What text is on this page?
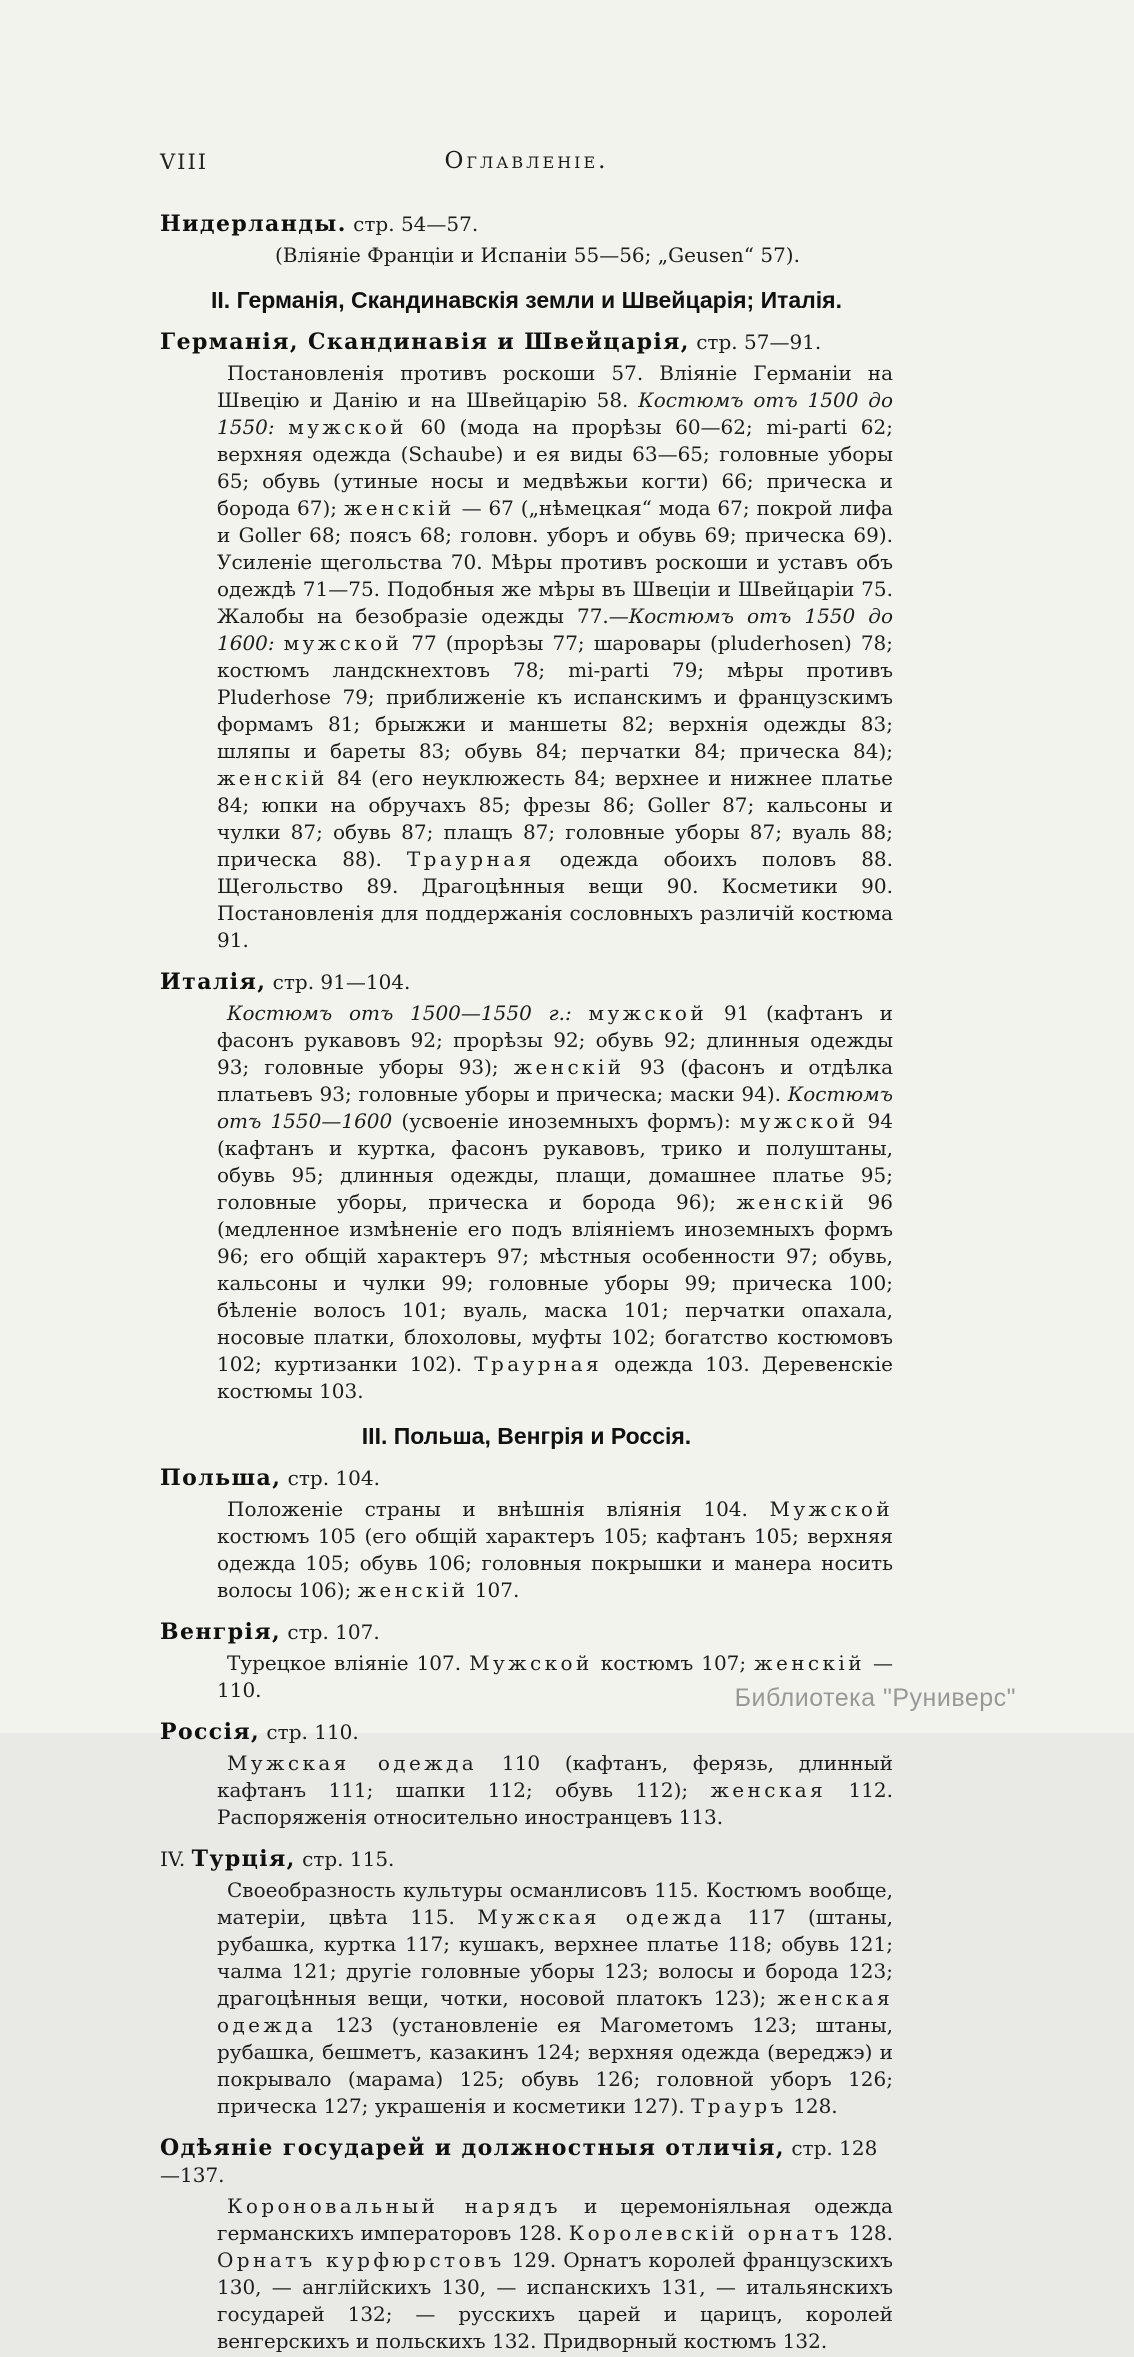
VIII	Оглавленіе.
Нидерланды. стр. 54—57.
(Вліяніе Франціи и Испаніи 55—56; „Geusen“ 57).
II. Германія, Скандинавскія земли и Швейцарія; Италія.
Германія, Скандинавія и Швейцарія, стр. 57—91.
Постановленія противъ роскоши 57. Вліяніе Германіи на Швецію и Данію и на Швейцарію 58. Костюмъ отъ 1500 до 1550: мужской 60 (мода на прорѣзы 60—62; mi-parti 62; верхняя одежда (Schaube) и ея виды 63—65; головные уборы 65; обувь (утиные носы и медвѣжьи когти) 66; прическа и борода 67); женскій — 67 („нѣмецкая“ мода 67; покрой лифа и Goller 68; поясъ 68; головн. уборъ и обувь 69; прическа 69). Усиленіе щегольства 70. Мѣры противъ роскоши и уставъ объ одеждѣ 71—75. Подобныя же мѣры въ Швеціи и Швейцаріи 75. Жалобы на безобразіе одежды 77.—Костюмъ отъ 1550 до 1600: мужской 77 (прорѣзы 77; шаровары (pluderhosen) 78; костюмъ ландскнехтовъ 78; mi-parti 79; мѣры противъ Pluderhose 79; приближеніе къ испанскимъ и французскимъ формамъ 81; брыжжи и маншеты 82; верхнія одежды 83; шляпы и бареты 83; обувь 84; перчатки 84; прическа 84); женскій 84 (его неуклюжесть 84; верхнее и нижнее платье 84; юпки на обручахъ 85; фрезы 86; Goller 87; кальсоны и чулки 87; обувь 87; плащъ 87; головные уборы 87; вуаль 88; прическа 88). Траурная одежда обоихъ половъ 88. Щегольство 89. Драгоцѣнныя вещи 90. Косметики 90. Постановленія для поддержанія сословныхъ различій костюма 91.
Италія, стр. 91—104.
Костюмъ отъ 1500—1550 г.: мужской 91 (кафтанъ и фасонъ рукавовъ 92; прорѣзы 92; обувь 92; длинныя одежды 93; головные уборы 93); женскій 93 (фасонъ и отдѣлка платьевъ 93; головные уборы и прическа; маски 94). Костюмъ отъ 1550—1600 (усвоеніе иноземныхъ формъ): мужской 94 (кафтанъ и куртка, фасонъ рукавовъ, трико и полуштаны, обувь 95; длинныя одежды, плащи, домашнее платье 95; головные уборы, прическа и борода 96); женскій 96 (медленное измѣненіе его подъ вліяніемъ иноземныхъ формъ 96; его общій характеръ 97; мѣстныя особенности 97; обувь, кальсоны и чулки 99; головные уборы 99; прическа 100; бѣленіе волосъ 101; вуаль, маска 101; перчатки опахала, носовые платки, блохоловы, муфты 102; богатство костюмовъ 102; куртизанки 102). Траурная одежда 103. Деревенскіе костюмы 103.
III. Польша, Венгрія и Россія.
Польша, стр. 104.
Положеніе страны и внѣшнія вліянія 104. Мужской костюмъ 105 (его общій характеръ 105; кафтанъ 105; верхняя одежда 105; обувь 106; головныя покрышки и манера носить волосы 106); женскій 107.
Венгрія, стр. 107.
Турецкое вліяніе 107. Мужской костюмъ 107; женскій — 110.
Россія, стр. 110.
Мужская одежда 110 (кафтанъ, ферязь, длинный кафтанъ 111; шапки 112; обувь 112); женская 112. Распоряженія относительно иностранцевъ 113.
IV. Турція, стр. 115.
Своеобразность культуры османлисовъ 115. Костюмъ вообще, матеріи, цвѣта 115. Мужская одежда 117 (штаны, рубашка, куртка 117; кушакъ, верхнее платье 118; обувь 121; чалма 121; другіе головные уборы 123; волосы и борода 123; драгоцѣнныя вещи, чотки, носовой платокъ 123); женская одежда 123 (установленіе ея Магометомъ 123; штаны, рубашка, бешметъ, казакинъ 124; верхняя одежда (вереджэ) и покрывало (марама) 125; обувь 126; головной уборъ 126; прическа 127; украшенія и косметики 127). Трауръ 128.
Одѣяніе государей и должностныя отличія, стр. 128—137.
Короновальный нарядъ и церемоніяльная одежда германскихъ императоровъ 128. Королевскій орнатъ 128. Орнатъ курфюрстовъ 129. Орнатъ королей французскихъ 130, — англійскихъ 130, — испанскихъ 131, — итальянскихъ государей 132; — русскихъ царей и царицъ, королей венгерскихъ и польскихъ 132. Придворный костюмъ 132.
Библиотека "Руниверс"
